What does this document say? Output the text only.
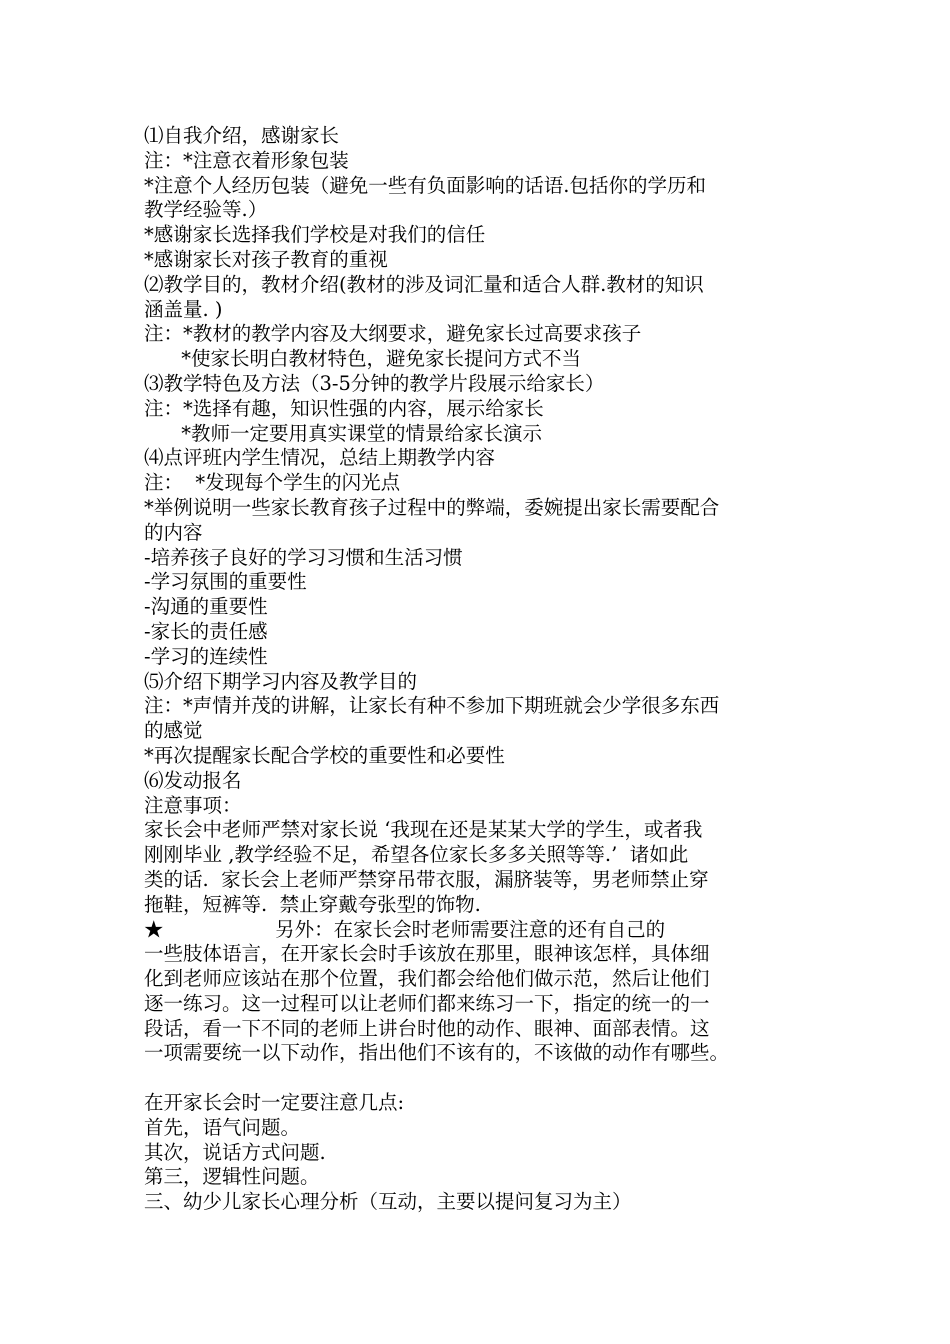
⑴自我介绍，感谢家长
注：*注意衣着形象包装
*注意个人经历包装（避免一些有负面影响的话语.包括你的学历和
教学经验等.）
*感谢家长选择我们学校是对我们的信任
*感谢家长对孩子教育的重视
⑵教学目的，教材介绍(教材的涉及词汇量和适合人群.教材的知识
涵盖量. )
注：*教材的教学内容及大纲要求，避免家长过高要求孩子
*使家长明白教材特色，避免家长提问方式不当
⑶教学特色及方法（3-5分钟的教学片段展示给家长）
注：*选择有趣，知识性强的内容，展示给家长
*教师一定要用真实课堂的情景给家长演示
⑷点评班内学生情况，总结上期教学内容
注：  *发现每个学生的闪光点
*举例说明一些家长教育孩子过程中的弊端，委婉提出家长需要配合
的内容
-培养孩子良好的学习习惯和生活习惯
-学习氛围的重要性
-沟通的重要性
-家长的责任感
-学习的连续性
⑸介绍下期学习内容及教学目的
注：*声情并茂的讲解，让家长有种不参加下期班就会少学很多东西
的感觉
*再次提醒家长配合学校的重要性和必要性
⑹发动报名
注意事项：
家长会中老师严禁对家长说 ‘我现在还是某某大学的学生，或者我
刚刚毕业 ,教学经验不足，希望各位家长多多关照等等.’  诸如此
类的话.  家长会上老师严禁穿吊带衣服，漏脐装等，男老师禁止穿
拖鞋，短裤等.  禁止穿戴夸张型的饰物.
★                  另外：在家长会时老师需要注意的还有自己的
一些肢体语言，在开家长会时手该放在那里，眼神该怎样，具体细
化到老师应该站在那个位置，我们都会给他们做示范，然后让他们
逐一练习。这一过程可以让老师们都来练习一下，指定的统一的一
段话，看一下不同的老师上讲台时他的动作、眼神、面部表情。这
一项需要统一以下动作，指出他们不该有的，不该做的动作有哪些。
在开家长会时一定要注意几点:
首先，语气问题。
其次，说话方式问题.
第三，逻辑性问题。
三、幼少儿家长心理分析（互动，主要以提问复习为主）
